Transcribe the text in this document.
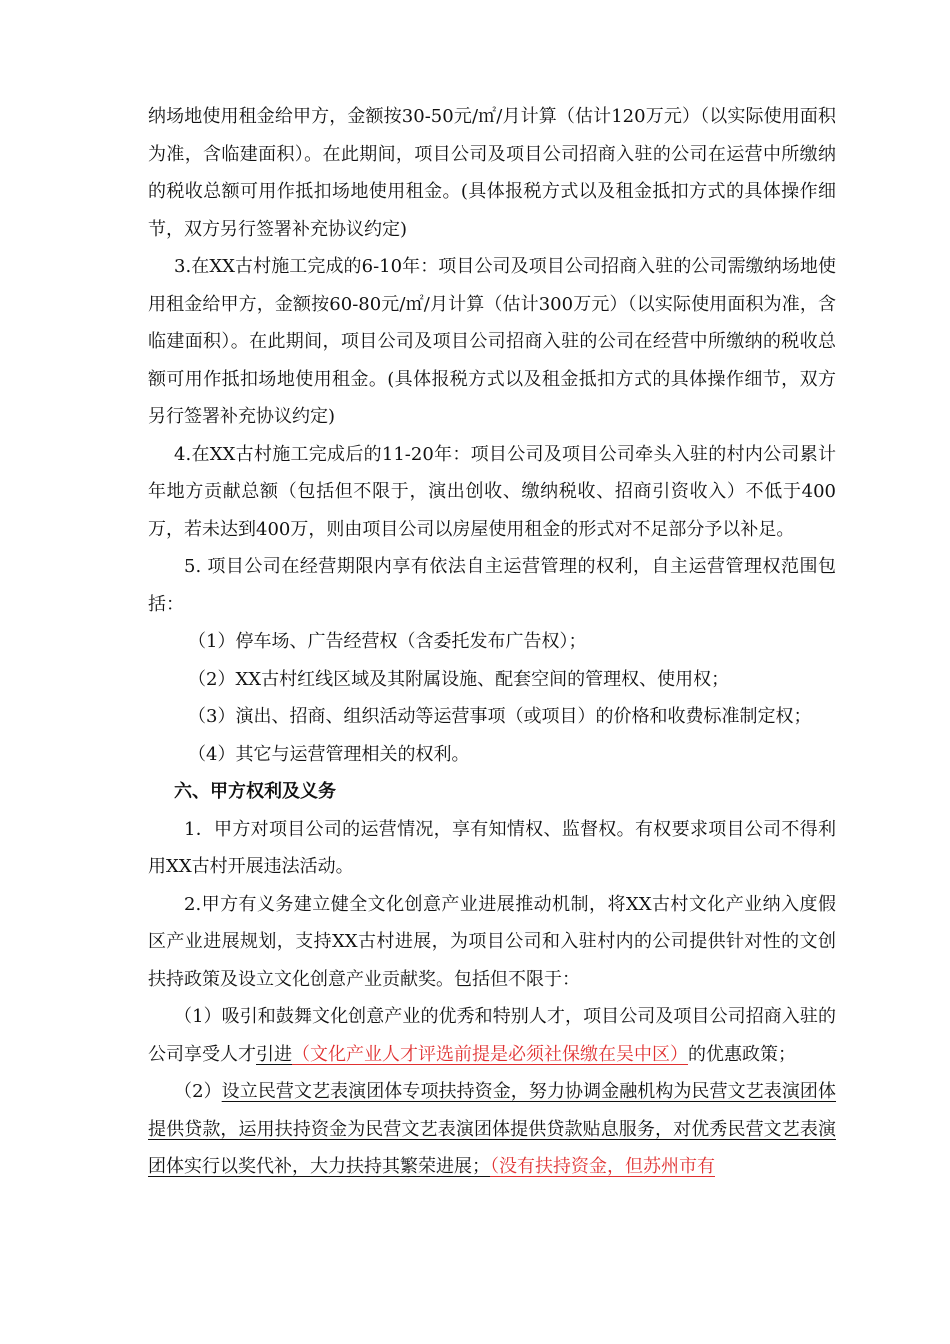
纳场地使用租金给甲方，金额按30-50元/㎡/月计算（估计120万元）（以实际使用面积为准，含临建面积）。在此期间，项目公司及项目公司招商入驻的公司在运营中所缴纳的税收总额可用作抵扣场地使用租金。(具体报税方式以及租金抵扣方式的具体操作细节，双方另行签署补充协议约定)

3.在XX古村施工完成的6-10年：项目公司及项目公司招商入驻的公司需缴纳场地使用租金给甲方，金额按60-80元/㎡/月计算（估计300万元）（以实际使用面积为准，含临建面积）。在此期间，项目公司及项目公司招商入驻的公司在经营中所缴纳的税收总额可用作抵扣场地使用租金。(具体报税方式以及租金抵扣方式的具体操作细节，双方另行签署补充协议约定)

4.在XX古村施工完成后的11-20年：项目公司及项目公司牵头入驻的村内公司累计年地方贡献总额（包括但不限于，演出创收、缴纳税收、招商引资收入）不低于400万，若未达到400万，则由项目公司以房屋使用租金的形式对不足部分予以补足。

5. 项目公司在经营期限内享有依法自主运营管理的权利，自主运营管理权范围包括：

（1）停车场、广告经营权（含委托发布广告权）；

（2）XX古村红线区域及其附属设施、配套空间的管理权、使用权；

（3）演出、招商、组织活动等运营事项（或项目）的价格和收费标准制定权；

（4）其它与运营管理相关的权利。

六、甲方权利及义务

1．甲方对项目公司的运营情况，享有知情权、监督权。有权要求项目公司不得利用XX古村开展违法活动。

2.甲方有义务建立健全文化创意产业进展推动机制，将XX古村文化产业纳入度假区产业进展规划，支持XX古村进展，为项目公司和入驻村内的公司提供针对性的文创扶持政策及设立文化创意产业贡献奖。包括但不限于：

（1）吸引和鼓舞文化创意产业的优秀和特别人才，项目公司及项目公司招商入驻的公司享受人才引进（文化产业人才评选前提是必须社保缴在吴中区）的优惠政策；

（2）设立民营文艺表演团体专项扶持资金，努力协调金融机构为民营文艺表演团体提供贷款，运用扶持资金为民营文艺表演团体提供贷款贴息服务，对优秀民营文艺表演团体实行以奖代补，大力扶持其繁荣进展；（没有扶持资金，但苏州市有
